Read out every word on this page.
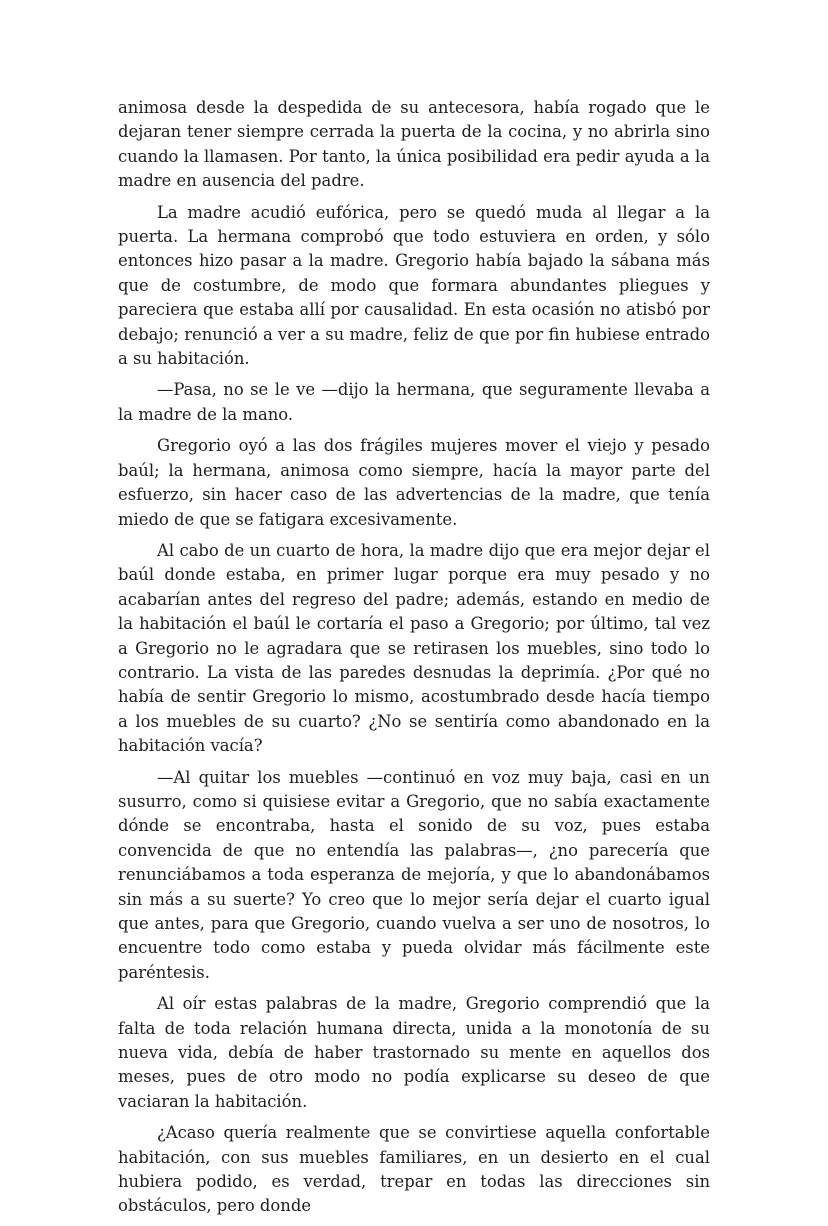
animosa desde la despedida de su antecesora, había rogado que le dejaran tener siempre cerrada la puerta de la cocina, y no abrirla sino cuando la llamasen. Por tanto, la única posibilidad era pedir ayuda a la madre en ausencia del padre.

La madre acudió eufórica, pero se quedó muda al llegar a la puerta. La hermana comprobó que todo estuviera en orden, y sólo entonces hizo pasar a la madre. Gregorio había bajado la sábana más que de costumbre, de modo que formara abundantes pliegues y pareciera que estaba allí por causalidad. En esta ocasión no atisbó por debajo; renunció a ver a su madre, feliz de que por fin hubiese entrado a su habitación.

—Pasa, no se le ve —dijo la hermana, que seguramente llevaba a la madre de la mano.

Gregorio oyó a las dos frágiles mujeres mover el viejo y pesado baúl; la hermana, animosa como siempre, hacía la mayor parte del esfuerzo, sin hacer caso de las advertencias de la madre, que tenía miedo de que se fatigara excesivamente.

Al cabo de un cuarto de hora, la madre dijo que era mejor dejar el baúl donde estaba, en primer lugar porque era muy pesado y no acabarían antes del regreso del padre; además, estando en medio de la habitación el baúl le cortaría el paso a Gregorio; por último, tal vez a Gregorio no le agradara que se retirasen los muebles, sino todo lo contrario. La vista de las paredes desnudas la deprimía. ¿Por qué no había de sentir Gregorio lo mismo, acostumbrado desde hacía tiempo a los muebles de su cuarto? ¿No se sentiría como abandonado en la habitación vacía?

—Al quitar los muebles —continuó en voz muy baja, casi en un susurro, como si quisiese evitar a Gregorio, que no sabía exactamente dónde se encontraba, hasta el sonido de su voz, pues estaba convencida de que no entendía las palabras—, ¿no parecería que renunciábamos a toda esperanza de mejoría, y que lo abandonábamos sin más a su suerte? Yo creo que lo mejor sería dejar el cuarto igual que antes, para que Gregorio, cuando vuelva a ser uno de nosotros, lo encuentre todo como estaba y pueda olvidar más fácilmente este paréntesis.

Al oír estas palabras de la madre, Gregorio comprendió que la falta de toda relación humana directa, unida a la monotonía de su nueva vida, debía de haber trastornado su mente en aquellos dos meses, pues de otro modo no podía explicarse su deseo de que vaciaran la habitación.

¿Acaso quería realmente que se convirtiese aquella confortable habitación, con sus muebles familiares, en un desierto en el cual hubiera podido, es verdad, trepar en todas las direcciones sin obstáculos, pero donde
